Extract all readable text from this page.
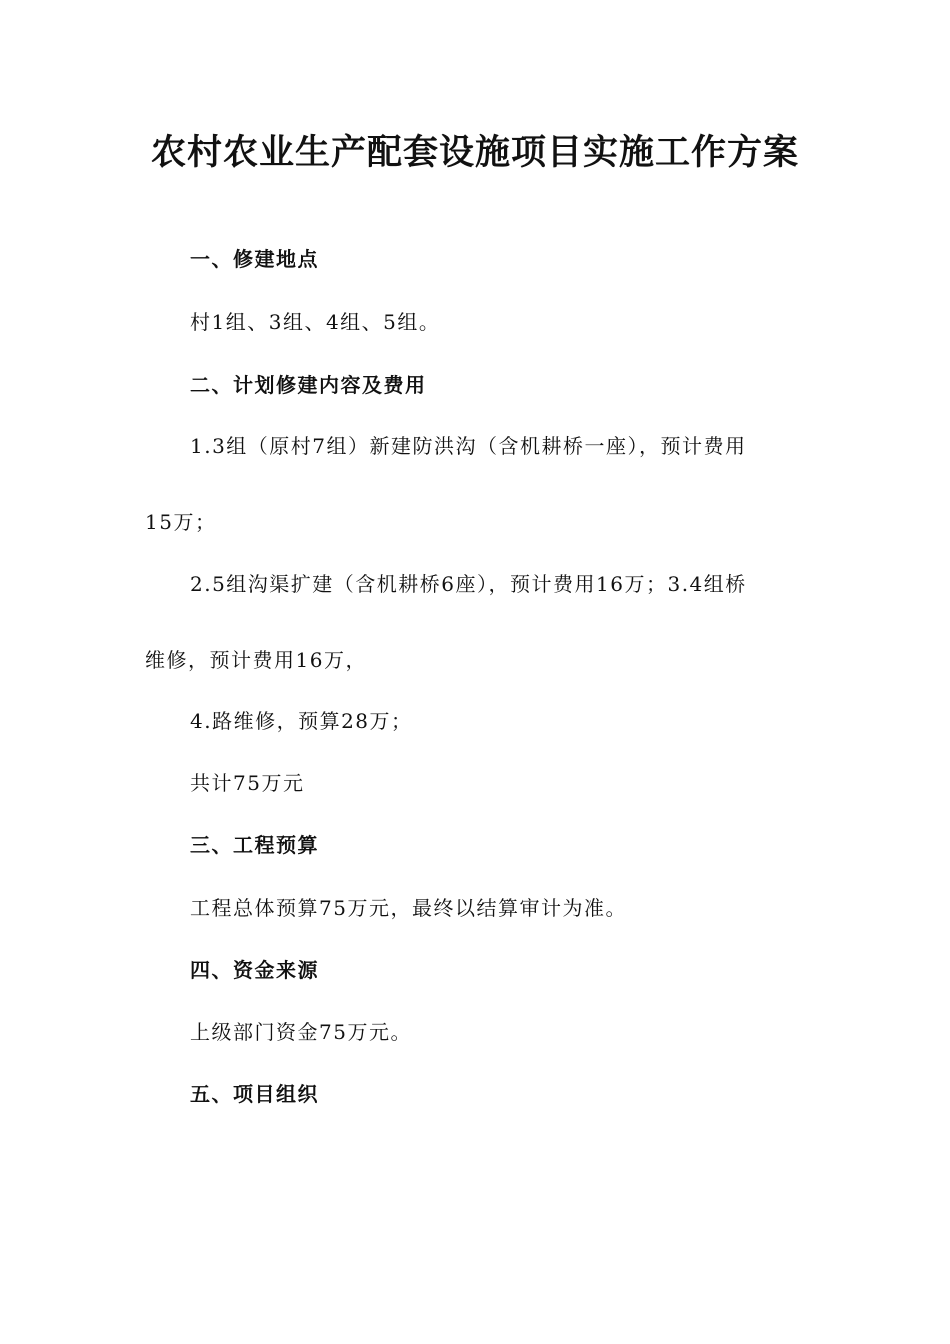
农村农业生产配套设施项目实施工作方案

一、修建地点

村1组、3组、4组、5组。

二、计划修建内容及费用

1.3组（原村7组）新建防洪沟（含机耕桥一座），预计费用

15万；

2.5组沟渠扩建（含机耕桥6座），预计费用16万；3.4组桥

维修，预计费用16万，

4.路维修，预算28万；

共计75万元

三、工程预算

工程总体预算75万元，最终以结算审计为准。

四、资金来源

上级部门资金75万元。

五、项目组织
